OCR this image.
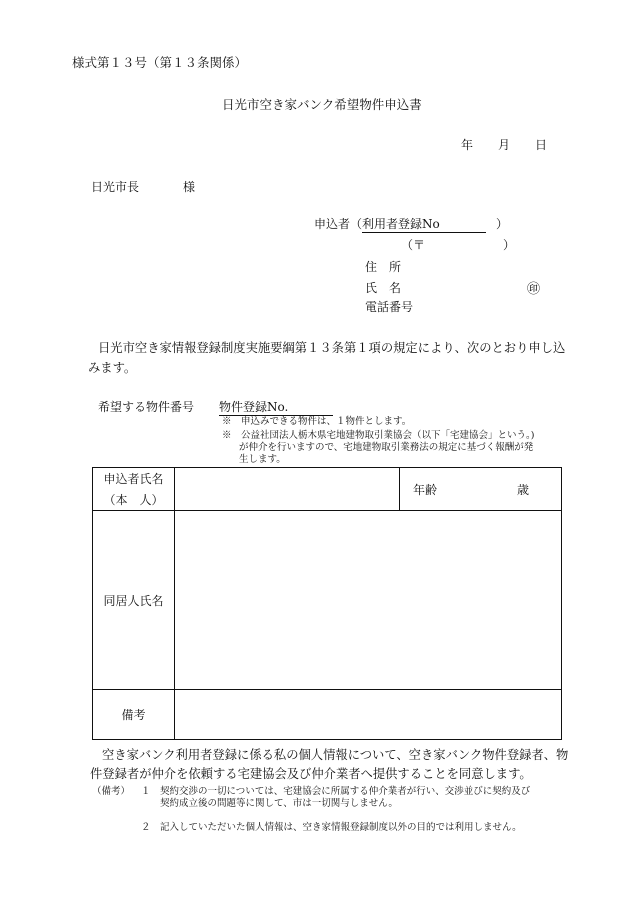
様式第１３号（第１３条関係）
日光市空き家バンク希望物件申込書
年 月 日
日光市長	様
申込者（利用者登録No	）
（〒	）
住　所
氏　名	㊞
電話番号
日光市空き家情報登録制度実施要綱第１３条第１項の規定により、次のとおり申し込
みます。
希望する物件番号 物件登録No.
※　申込みできる物件は、１物件とします。
※　公益社団法人栃木県宅地建物取引業協会（以下「宅建協会」という。)
が仲介を行いますので、宅地建物取引業務法の規定に基づく報酬が発
生します。
申込者氏名
（本　人）		年齢	歳
同居人氏名			
備考			
空き家バンク利用者登録に係る私の個人情報について、空き家バンク物件登録者、物
件登録者が仲介を依頼する宅建協会及び仲介業者へ提供することを同意します。
（備考） １ 契約交渉の一切については、宅建協会に所属する仲介業者が行い、交渉並びに契約及び
契約成立後の問題等に関して、市は一切関与しません。
２ 記入していただいた個人情報は、空き家情報登録制度以外の目的では利用しません。
